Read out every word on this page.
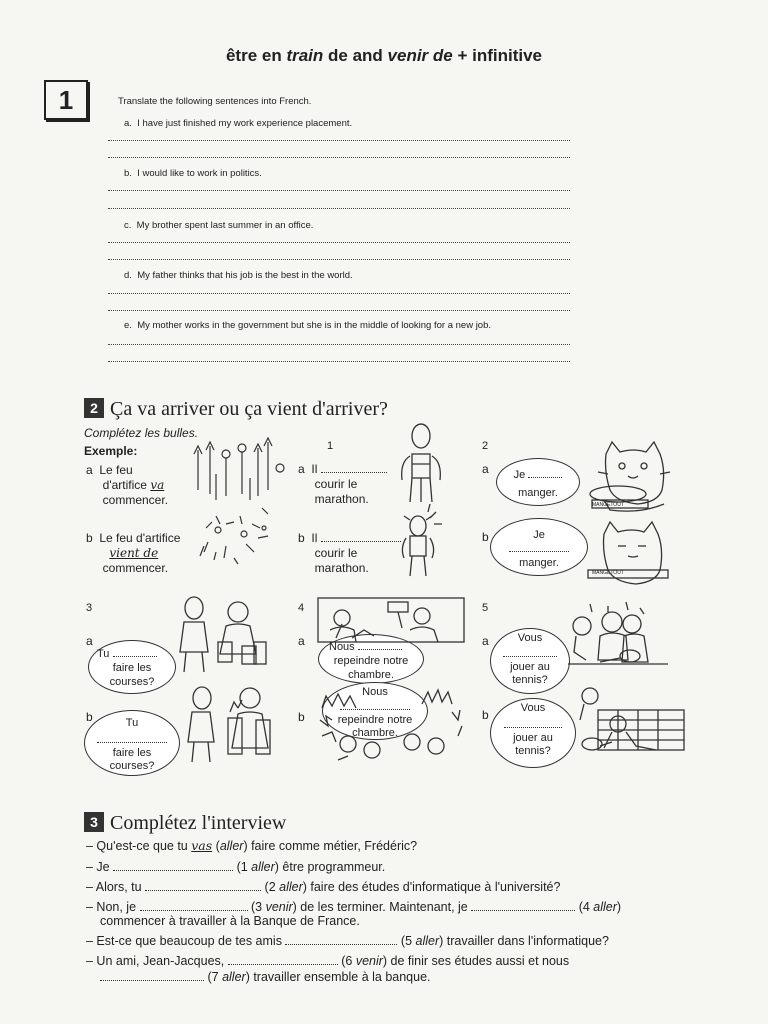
être en train de and venir de + infinitive
1	Translate the following sentences into French.
a. I have just finished my work experience placement.
b. I would like to work in politics.
c. My brother spent last summer in an office.
d. My father thinks that his job is the best in the world.
e. My mother works in the government but she is in the middle of looking for a new job.
2 Ça va arriver ou ça vient d'arriver?
Complétez les bulles.
Exemple:
a Le feu
d'artifice va
commencer.
b Le feu d'artifice
vient de
commencer.
1
a Il
courir le
marathon.
b Il
courir le
marathon.
2
a	Je
manger.
b	Je
manger.
MANGETOUT
MANGETOUT
3
a
Tu
faire les
courses?
b	Tu
faire les
courses?
4
a	Nous
repeindre notre
chambre.
b
Nous
repeindre notre
chambre.
5
a	Vous
jouer au
tennis?
b	Vous
jouer au
tennis?
3 Complétez l'interview
– Qu'est-ce que tu vas (aller) faire comme métier, Frédéric?
– Je	(1 aller) être programmeur.
– Alors, tu	(2 aller) faire des études d'informatique à l'université?
– Non, je	(3 venir) de les terminer. Maintenant, je	(4 aller)
commencer à travailler à la Banque de France.
– Est-ce que beaucoup de tes amis	(5 aller) travailler dans l'informatique?
– Un ami, Jean-Jacques,	(6 venir) de finir ses études aussi et nous
(7 aller) travailler ensemble à la banque.
